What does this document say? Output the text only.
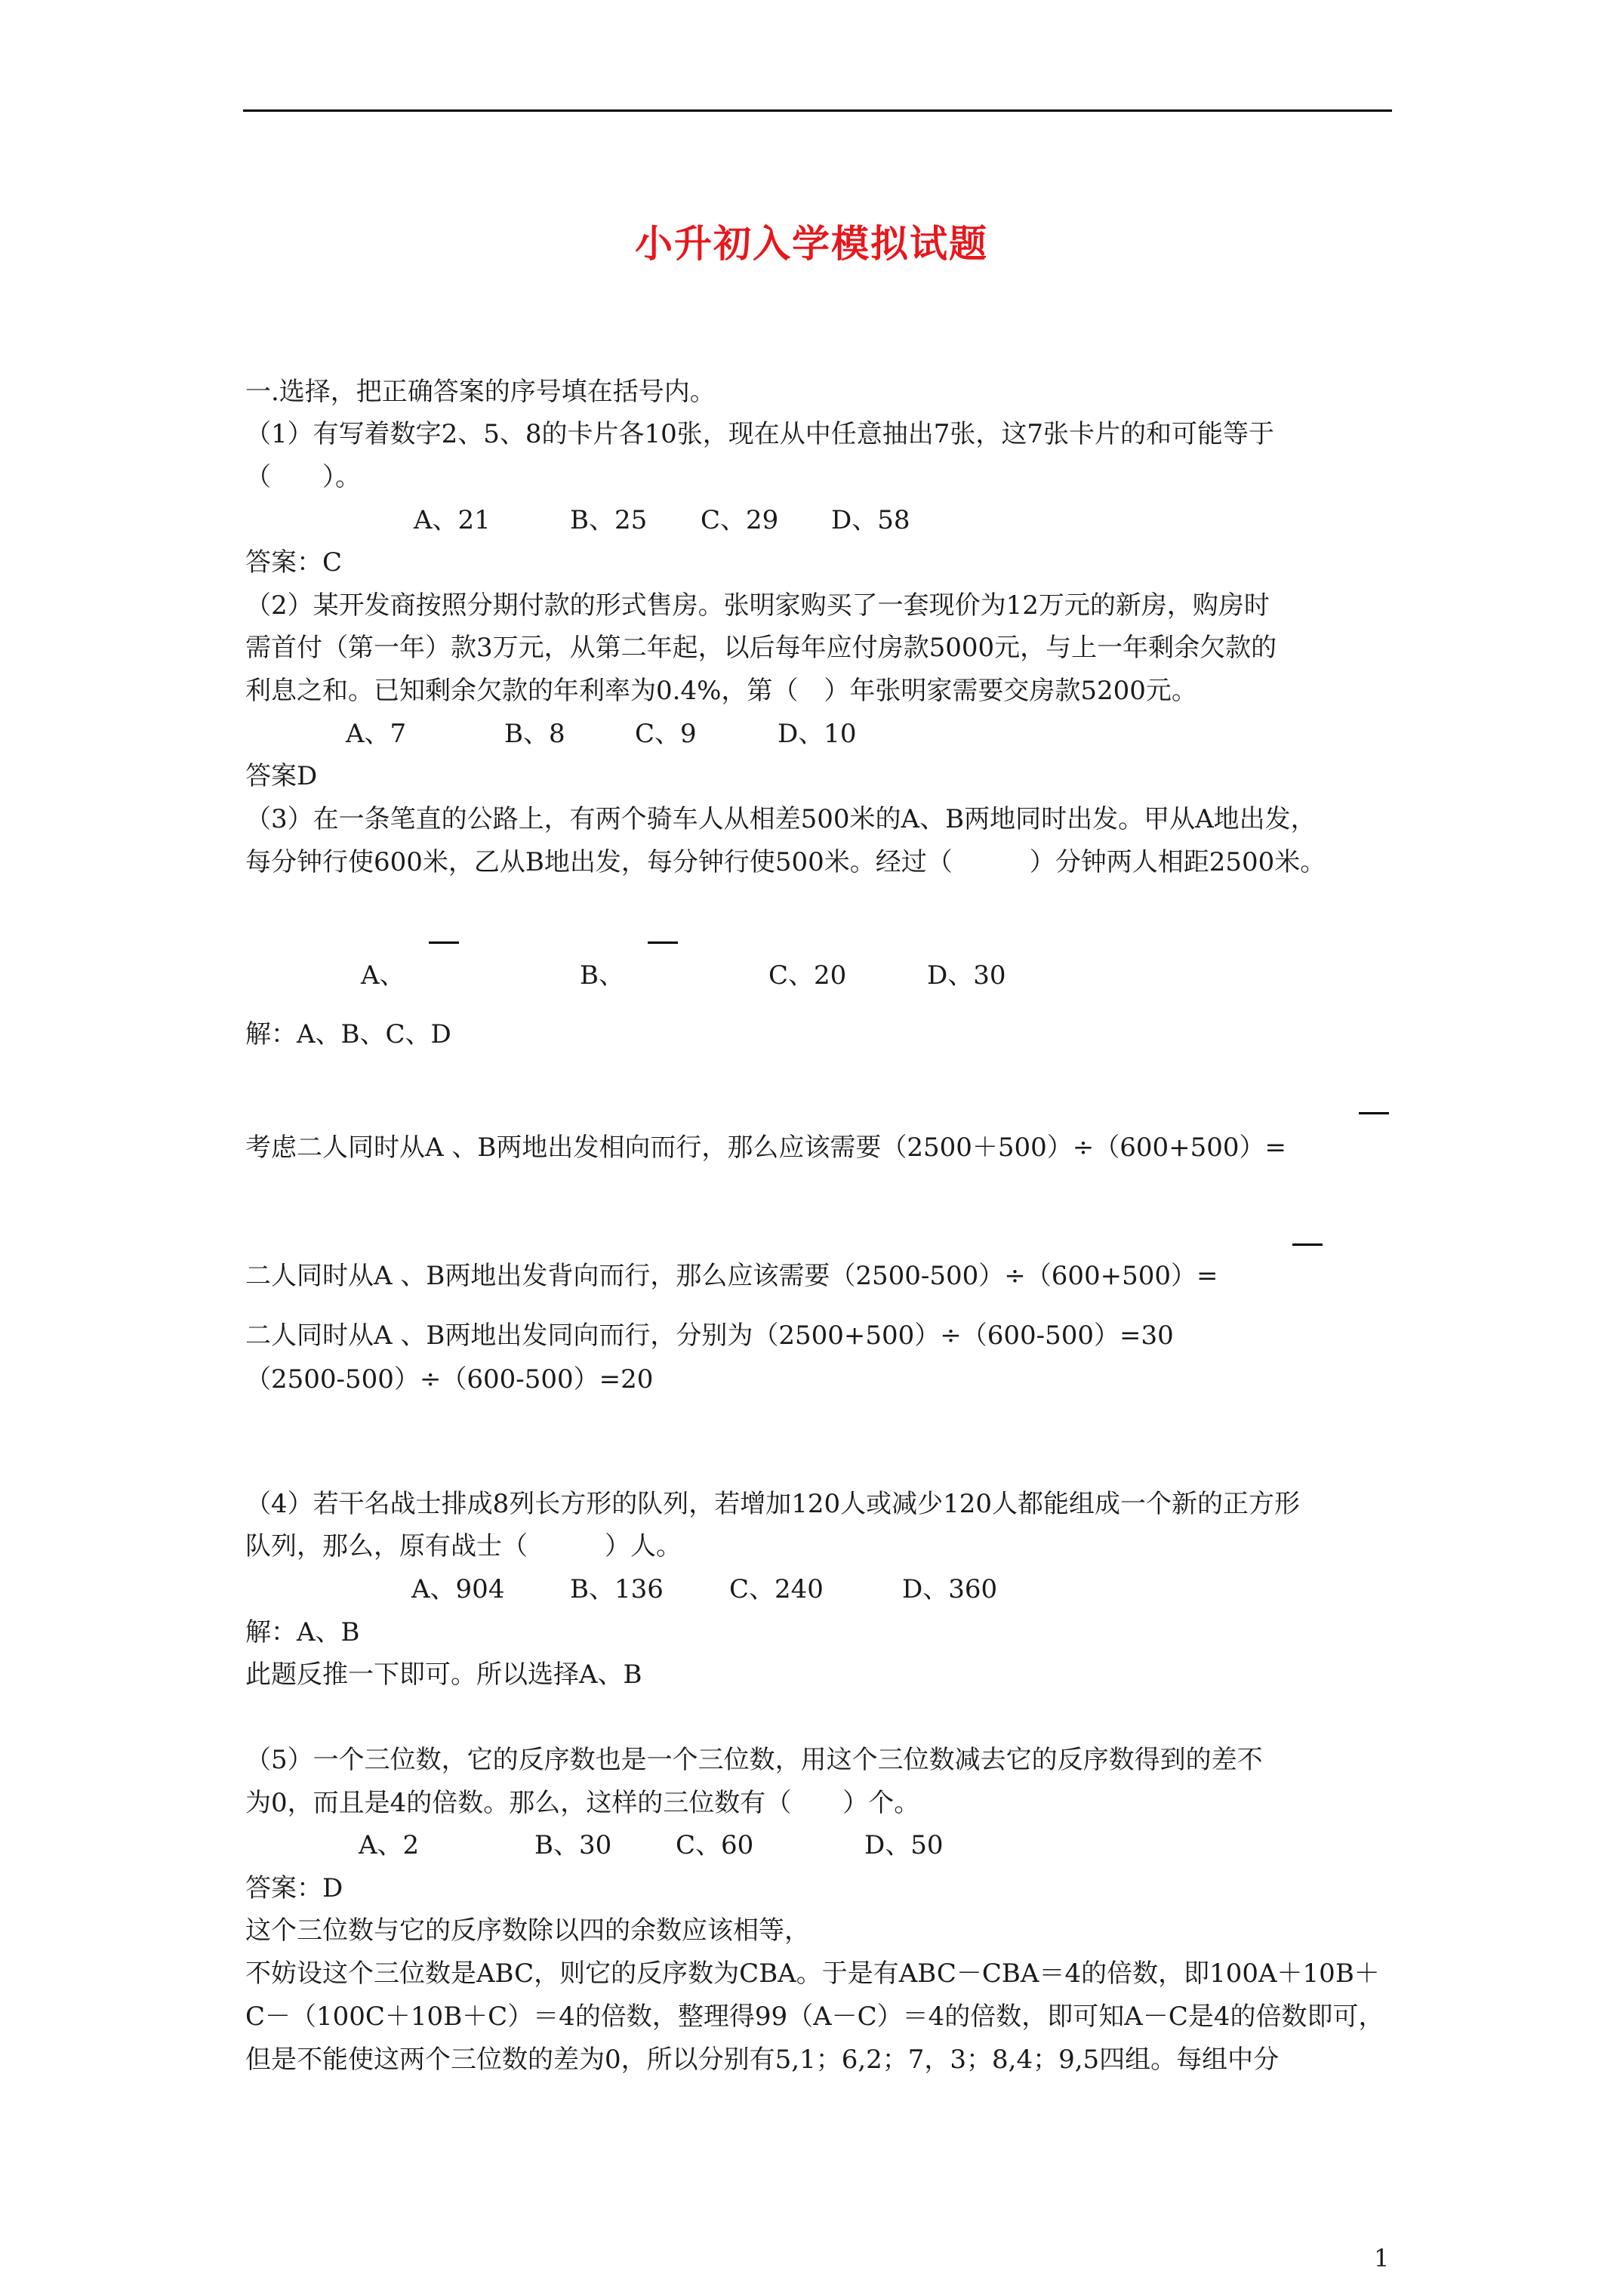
小升初入学模拟试题
一.选择，把正确答案的序号填在括号内。
（1）有写着数字2、5、8的卡片各10张，现在从中任意抽出7张，这7张卡片的和可能等于
（　　）。
A、21	B、25 C、29 D、58
答案：C
（2）某开发商按照分期付款的形式售房。张明家购买了一套现价为12万元的新房，购房时
需首付（第一年）款3万元，从第二年起，以后每年应付房款5000元，与上一年剩余欠款的
利息之和。已知剩余欠款的年利率为0.4%，第（　）年张明家需要交房款5200元。
A、7	B、8	C、9	D、10
答案D
（3）在一条笔直的公路上，有两个骑车人从相差500米的A、B两地同时出发。甲从A地出发，
每分钟行使600米，乙从B地出发，每分钟行使500米。经过（　　　）分钟两人相距2500米。
A、	B、	C、20	D、30
解：A、B、C、D
考虑二人同时从A 、B两地出发相向而行，那么应该需要（2500＋500）÷（600+500）=
二人同时从A 、B两地出发背向而行，那么应该需要（2500-500）÷（600+500）=
二人同时从A 、B两地出发同向而行，分别为（2500+500）÷（600-500）=30
（2500-500）÷（600-500）=20
（4）若干名战士排成8列长方形的队列，若增加120人或减少120人都能组成一个新的正方形
队列，那么，原有战士（　　　）人。
A、904	B、136	C、240	D、360
解：A、B
此题反推一下即可。所以选择A、B
（5）一个三位数，它的反序数也是一个三位数，用这个三位数减去它的反序数得到的差不
为0，而且是4的倍数。那么，这样的三位数有（　　）个。
A、2	B、30 C、60	D、50
答案：D
这个三位数与它的反序数除以四的余数应该相等，
不妨设这个三位数是ABC，则它的反序数为CBA。于是有ABC－CBA＝4的倍数，即100A＋10B＋
C－（100C＋10B＋C）＝4的倍数，整理得99（A－C）＝4的倍数，即可知A－C是4的倍数即可，
但是不能使这两个三位数的差为0，所以分别有5,1；6,2；7，3；8,4；9,5四组。每组中分
1
